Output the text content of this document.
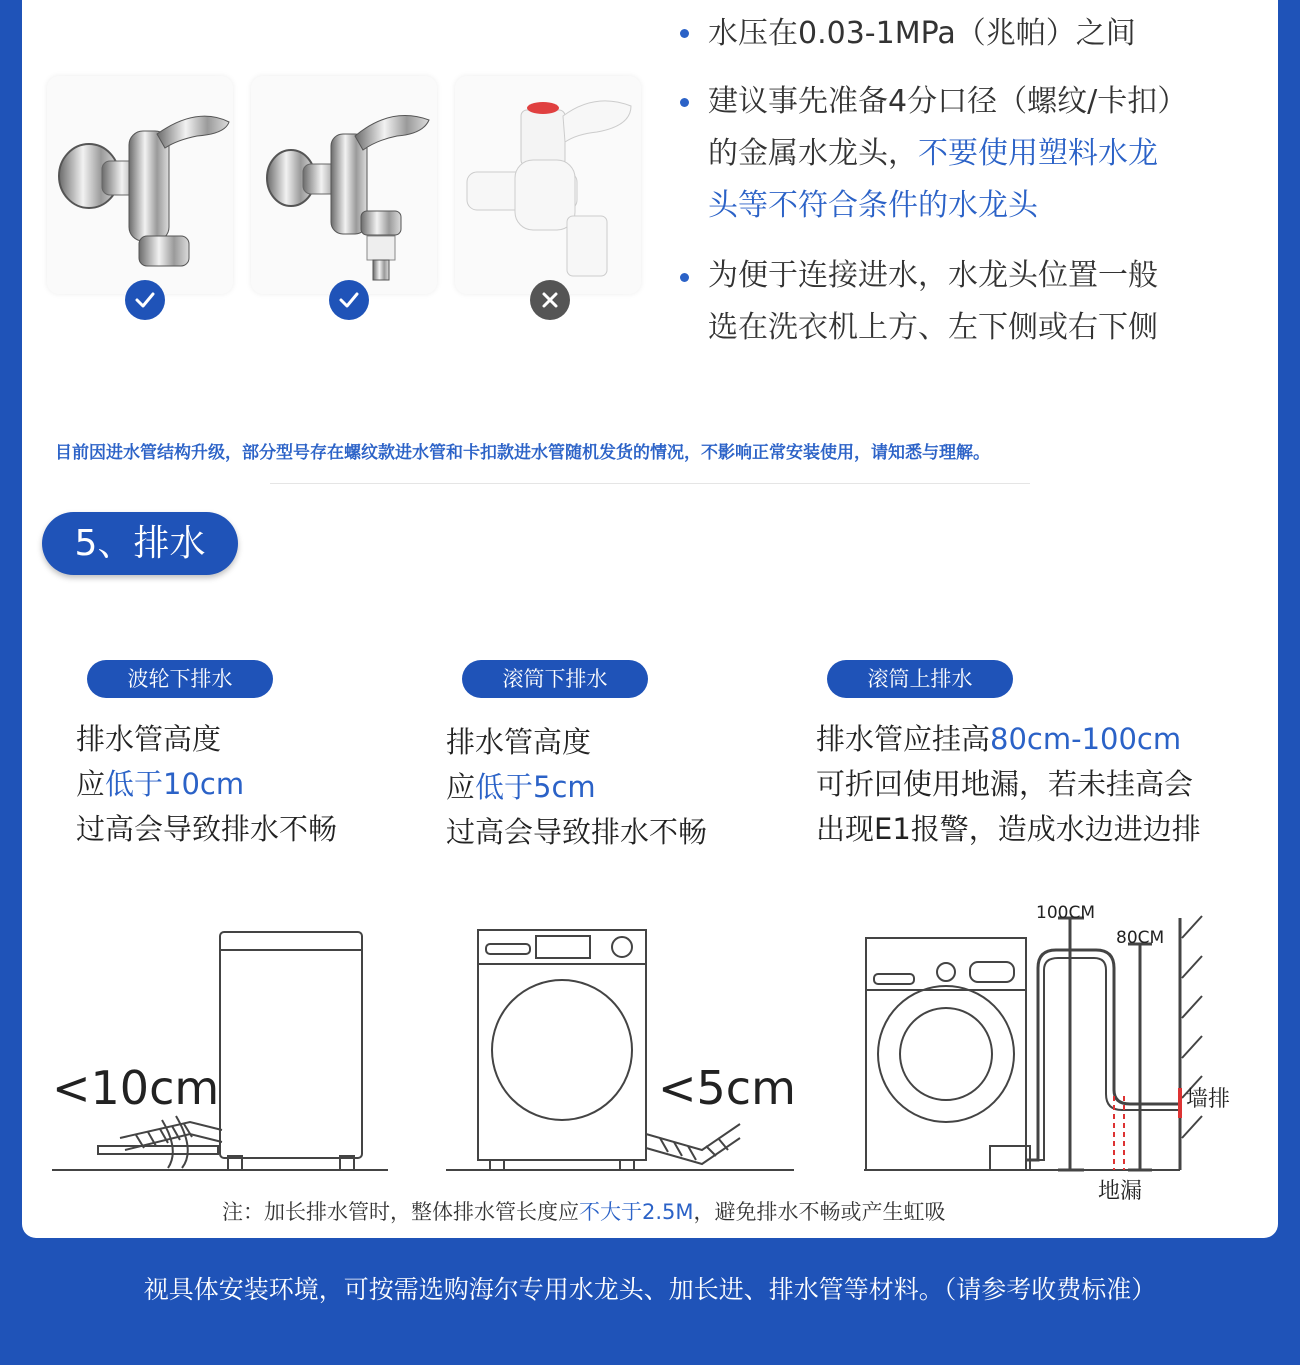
水压在0.03-1MPa（兆帕）之间
建议事先准备4分口径（螺纹/卡扣）
的金属水龙头，不要使用塑料水龙
头等不符合条件的水龙头
为便于连接进水，水龙头位置一般
选在洗衣机上方、左下侧或右下侧
目前因进水管结构升级，部分型号存在螺纹款进水管和卡扣款进水管随机发货的情况，不影响正常安装使用，请知悉与理解。
5、排水
波轮下排水	滚筒下排水	滚筒上排水
排水管高度
应低于10cm
过高会导致排水不畅
排水管高度
应低于5cm
过高会导致排水不畅
排水管应挂高80cm-100cm
可折回使用地漏，若未挂高会
出现E1报警，造成水边进边排
<10cm	<5cm
100CM
80CM
墙排
地漏
注：加长排水管时，整体排水管长度应不大于2.5M，避免排水不畅或产生虹吸
视具体安装环境，可按需选购海尔专用水龙头、加长进、排水管等材料。（请参考收费标准）
